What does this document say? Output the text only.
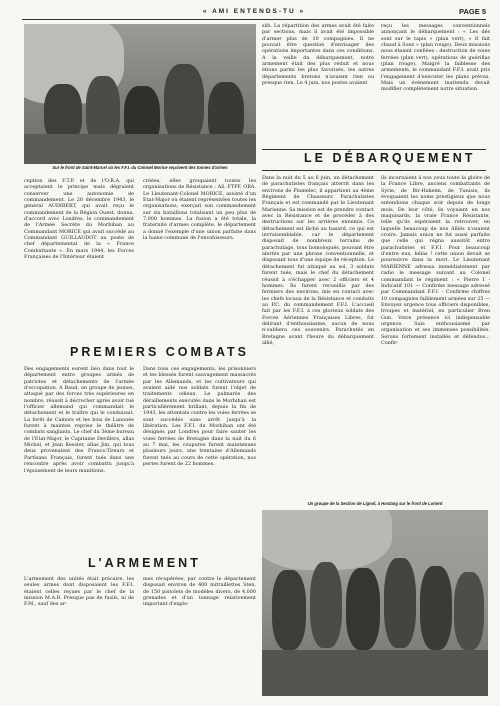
« AMI ENTENDS-TU »	PAGE 5
Sur le front de Saint-Marcel où les F.F.I. du Colonel Morice reçoivent des tonnes d'armes

ception des F.T.P. et de l'O.R.A. qui acceptaient le principe mais dégraient conserver une autonomie de commandement. Le 20 décembre 1943, le général AUDIBERT, qui avait reçu le commandement de la Région Ouest, donna, d'accord avec Londres, le commandement de l'Armée Secrète du Morbihan au Commandant MORICE qui avait succédé au Commandant GUILLAUDOT au poste de chef départemental de la « France Combattante ». En mars 1944, les Forces Françaises de l'Intérieur étaient

créées, elles groupaient toutes les organisations de Résistance : AS. FTPF, ORA. Le Lieutenant-Colonel MORICE, assisté d'un Etat-Major où étaient représentées toutes les organisations, exerçait son commandement sur six bataillons totalisant un peu plus de 7.000 hommes. La fusion a été totale, la fraternité d'armes complète, le département a donné l'exemple d'une union parfaite dans la haine commune de l'envahisseurs.

PREMIERS COMBATS

Des engagements eurent lieu dans tout le département entre groupes armés de patriotes et détachements de l'armée d'occupation. A Baud, un groupe de jeunes, attaqué par des forces très supérieures en nombre, réussit à décrocher après avoir tué l'officier allemand qui commandait le détachement et le traître qui le conduisait. La forêt de Camors et les bois de Lanouée furent à maintes reprise le théâtre de combats sanglants. Le chef du 3ème bureau de l'Etat-Major, le Capitaine Devillers, allas Michel, et Jean Kessler, allas Jim, qui tous deux provenaient des Francs-Tireurs et Partisans Français, furent tués dans une rencontre après avoir combattu jusqu'à l'épuisement de leurs munitions.

Dans tous ces engagements, les prisonniers et les blessés furent sauvagement massacrés par les Allemands, et les cultivateurs qui avaient aidé nos soldats furent l'objet de traitements odieux. Le palmarès des déraillements exécutés dans le Morbihan est particulièrement brillant, depuis la fin de 1943, les attentats contre les voies ferrées se sont succédés sans arrêt jusqu'à la libération. Les F.F.I. du Morbihan ont été désignés par Londres pour faire sauter les voies ferrées de Bretagne dans la nuit du 6 au 7 mai, les coupures furent maintenues plusieurs jours, une trentaine d'Allemands furent tués au cours de cette opération, nos pertes furent de 22 hommes.

L'ARMEMENT

L'armement des unités était précaire, les seules armes dont disposaient les F.F.I. étaient celles reçues par le chef de la mission M.A.B. Presque pas de fusils, ni de F.M., sauf des ar-

mes récupérées, par contre le département disposait environ de 400 mitraillettes Sten, de 150 pistolets de modèles divers, de 4.000 grenades et d'un tonnage relativement important d'explo-

sifs. La répartition des armes avait été faite par sections, mais il avait été impossible d'armer plus de 10 compagnies. Il ne pouvait être question d'envisager des opérations importantes dans ces conditions. A la veille du débarquement, notre armement était des plus réduit et nous étions parmi les plus favorisés, les autres départements bretons n'avaient rien ou presque rien. Le 4 juin, nos postes avaient

reçu les messages conventionnels annonçant le débarquement : « Les dés sont sur le tapis » (plan vert), « Il fait chaud à Suez » (plan rouge). Deux missions nous étaient confiées : destruction de voies ferrées (plan vert), opérations de guérillas (plan rouge). Malgré la faiblesse des armements, le commandant F.F.I. avait pris l'engagement d'exécuter les plans prévus. Mais un événement inattendu devait modifier complètement notre situation.

LE DÉBARQUEMENT

Dans la nuit du 5 au 6 juin, un détachement de parachutistes français atterrit dans les environs de Plumelec, il appartient au 4ème Régiment de Chasseurs Parachutistes Français et est commandé par le Lieutenant Marienne. Sa mission est de prendre contact avec la Résistance et de procéder à des destructions sur les arrières ennemis. Ce détachement est lâché au hasard, ce qui est invraisemblable, car le département disposait de nombreux terrains de parachutage, tous homologués, pouvant être alertés par une phrase conventionnelle, et disposant tous d'une équipe de réception. Le détachement fut attaqué au sol, 3 soldats furent tués, mais le chef du détachement réussit à s'échapper avec 2 officiers et 4 hommes. Ils furent recueillis par des fermiers des environs, mis en contact avec les chefs locaux de la Résistance et conduits au P.C. du commandement F.F.I. L'accueil fait par les F.F.I. à ces glorieux soldats des Forces Aériennes Françaises Libres, fut délirant d'enthousiasme, aucun de nous n'oubliera ces souvenirs. Parachutés en Bretagne avant l'heure du débarquement allié,

ils incarnaient à nos yeux toute la gloire de la France Libre, anciens combattants de Syrie, de Bir-Hakeim, de Tunisie, ils évoquaient les noms prestigieux que nous entendions chaque soir depuis de longs mois. De leur côté, ils voyaient en nos maquisards, la vraie France Résistante, telle qu'ils espéraient la retrouver, en laquelle beaucoup de nos Alliés n'osaient croire. Jamais union ne fut aussi parfaite que celle qui régna aussitôt entre parachutistes et F.F.I. Pour beaucoup d'entre eux, hélas ! cette union devait se poursuivre dans la mort. Le Lieutenant MARIENNE adressa immédiatement par radio le message suivant au Colonel commandant le régiment : « Pierre I - Indicatif 101 — Confirme message adressé par Commandant F.F.I. - Confirme chiffres 10 compagnies faiblement armées sur 25 — Envoyez urgence tous officiers disponibles, troupes et matériel, en particulier Bren Gun. Votre présence ici indispensable urgence. Suis enthousiasmé par organisation et ses immenses possibilités. Serons fortement installés et défendus... Confir-

Un groupe de la Section de Lignol, à Hostang sur le front de Lorient
